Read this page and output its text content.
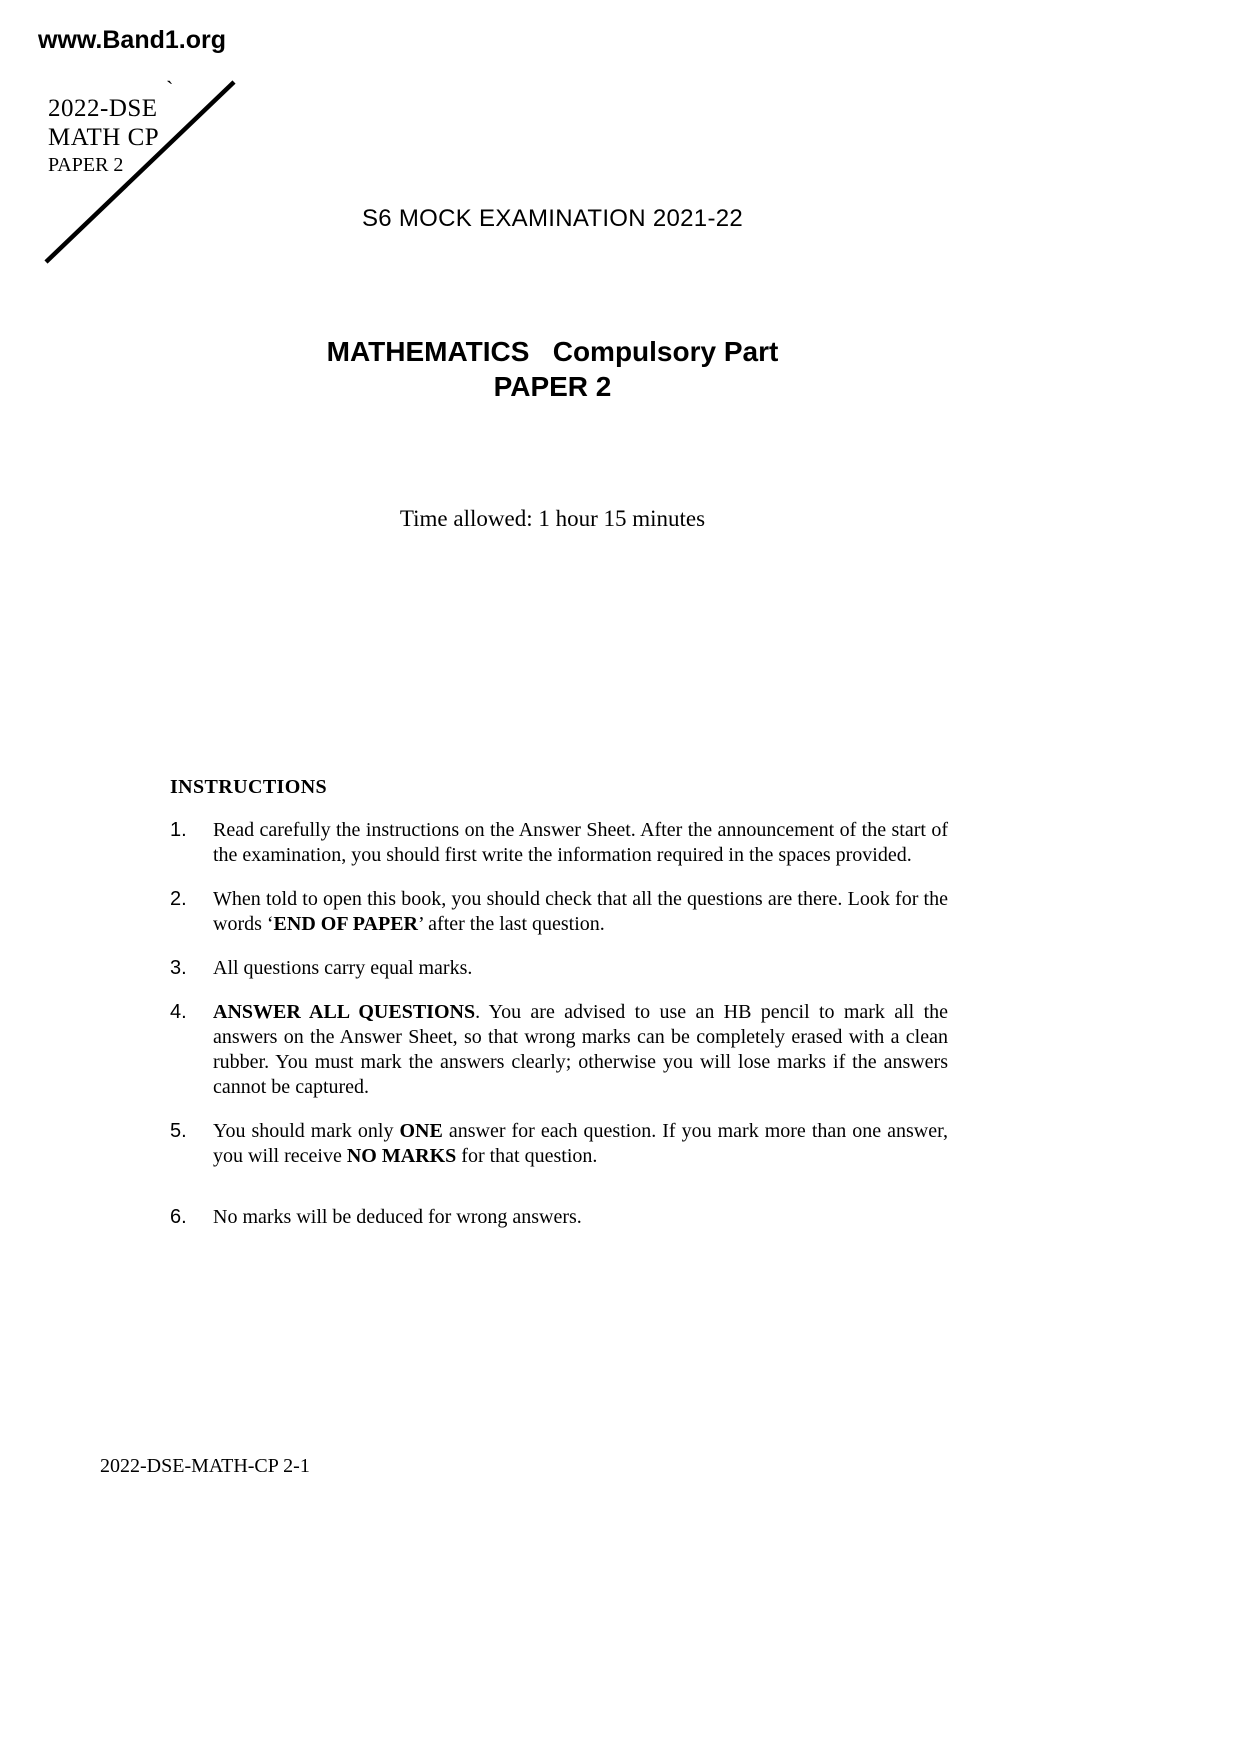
www.Band1.org
`
2022-DSE
MATH CP
PAPER 2
S6 MOCK EXAMINATION 2021-22
MATHEMATICS   Compulsory Part
PAPER 2
Time allowed: 1 hour 15 minutes
INSTRUCTIONS
1.	Read carefully the instructions on the Answer Sheet. After the announcement of the start of the examination, you should first write the information required in the spaces provided.
2.	When told to open this book, you should check that all the questions are there. Look for the words ‘END OF PAPER’ after the last question.
3.	All questions carry equal marks.
4.	ANSWER ALL QUESTIONS. You are advised to use an HB pencil to mark all the answers on the Answer Sheet, so that wrong marks can be completely erased with a clean rubber. You must mark the answers clearly; otherwise you will lose marks if the answers cannot be captured.
5.	You should mark only ONE answer for each question. If you mark more than one answer, you will receive NO MARKS for that question.
6.	No marks will be deduced for wrong answers.
2022-DSE-MATH-CP 2-1
